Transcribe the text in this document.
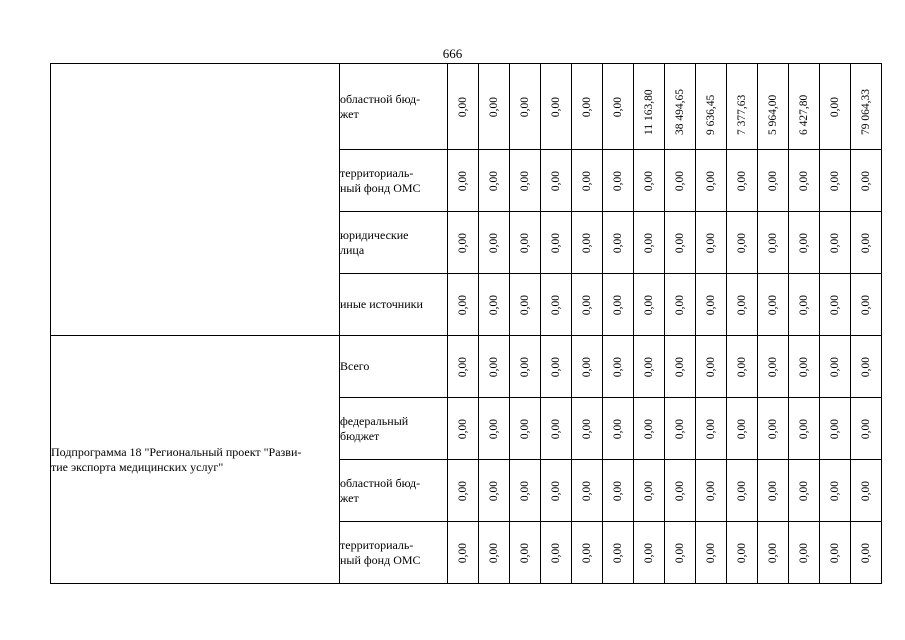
666
	областной бюд-
жет	0,00	0,00	0,00	0,00	0,00	0,00	11 163,80	38 494,65	9 636,45	7 377,63	5 964,00	6 427,80	0,00	79 064,33

	территориаль-
ный фонд ОМС	0,00	0,00	0,00	0,00	0,00	0,00	0,00	0,00	0,00	0,00	0,00	0,00	0,00	0,00

	юридические
лица	0,00	0,00	0,00	0,00	0,00	0,00	0,00	0,00	0,00	0,00	0,00	0,00	0,00	0,00

	иные источники	0,00	0,00	0,00	0,00	0,00	0,00	0,00	0,00	0,00	0,00	0,00	0,00	0,00	0,00

Подпрограмма 18 "Региональный проект "Разви-
тие экспорта медицинских услуг"	Всего	0,00	0,00	0,00	0,00	0,00	0,00	0,00	0,00	0,00	0,00	0,00	0,00	0,00	0,00

	федеральный
бюджет	0,00	0,00	0,00	0,00	0,00	0,00	0,00	0,00	0,00	0,00	0,00	0,00	0,00	0,00

	областной бюд-
жет	0,00	0,00	0,00	0,00	0,00	0,00	0,00	0,00	0,00	0,00	0,00	0,00	0,00	0,00

	территориаль-
ный фонд ОМС	0,00	0,00	0,00	0,00	0,00	0,00	0,00	0,00	0,00	0,00	0,00	0,00	0,00	0,00
